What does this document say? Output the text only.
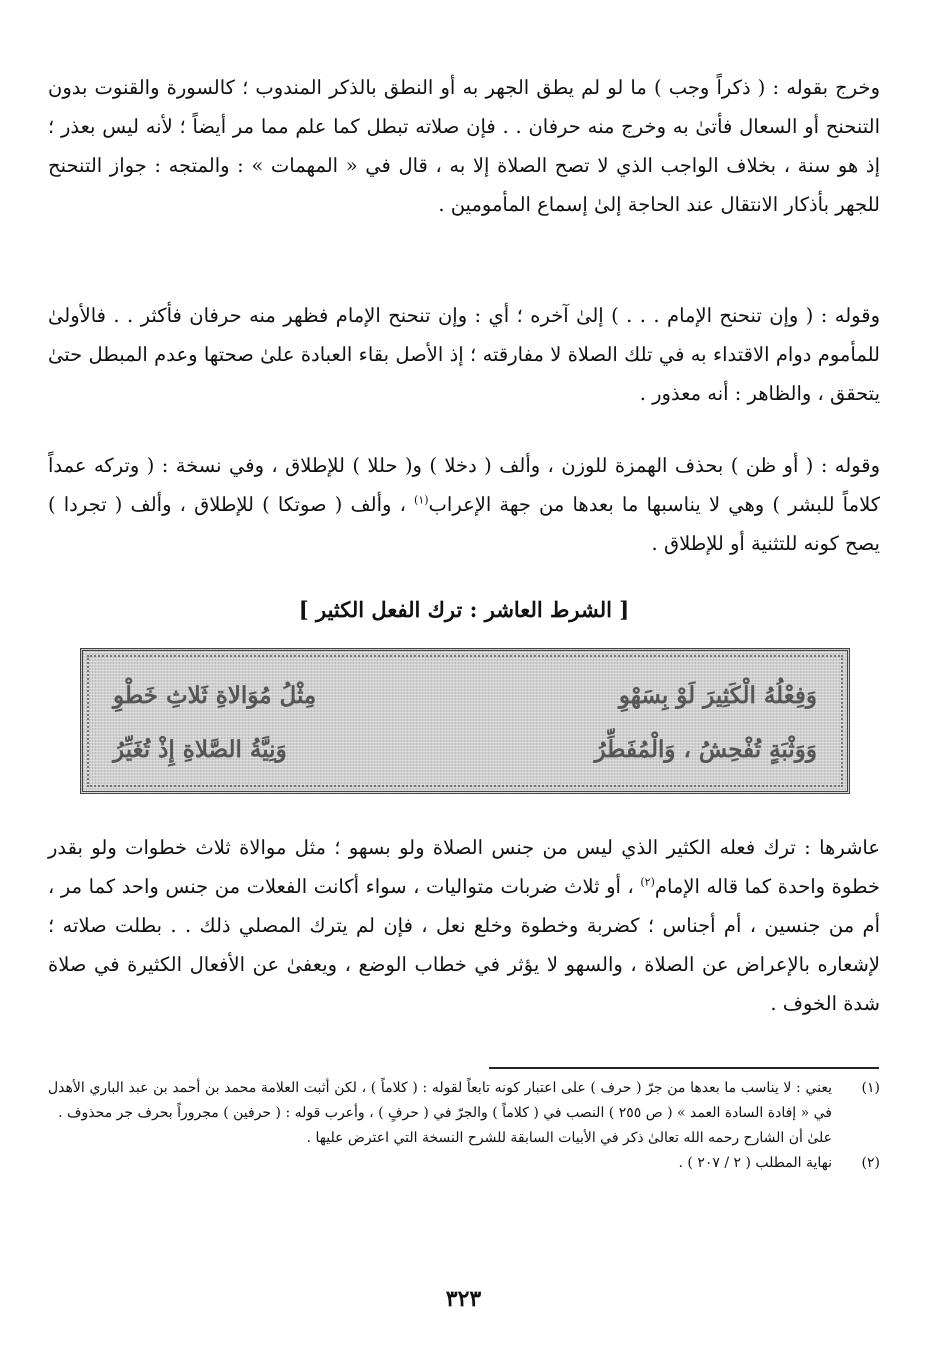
وخرج بقوله : ( ذكراً وجب ) ما لو لم يطق الجهر به أو النطق بالذكر المندوب ؛ كالسورة والقنوت بدون التنحنح أو السعال فأتىٰ به وخرج منه حرفان . . فإن صلاته تبطل كما علم مما مر أيضاً ؛ لأنه ليس بعذر ؛ إذ هو سنة ، بخلاف الواجب الذي لا تصح الصلاة إلا به ، قال في « المهمات » : والمتجه : جواز التنحنح للجهر بأذكار الانتقال عند الحاجة إلىٰ إسماع المأمومين .
وقوله : ( وإن تنحنح الإمام . . . ) إلىٰ آخره ؛ أي : وإن تنحنح الإمام فظهر منه حرفان فأكثر . . فالأولىٰ للمأموم دوام الاقتداء به في تلك الصلاة لا مفارقته ؛ إذ الأصل بقاء العبادة علىٰ صحتها وعدم المبطل حتىٰ يتحقق ، والظاهر : أنه معذور .
وقوله : ( أو ظن ) بحذف الهمزة للوزن ، وألف ( دخلا ) و( حللا ) للإطلاق ، وفي نسخة : ( وتركه عمداً كلاماً للبشر ) وهي لا يناسبها ما بعدها من جهة الإعراب$^{(١)}$ ، وألف ( صوتكا ) للإطلاق ، وألف ( تجردا ) يصح كونه للتثنية أو للإطلاق .
[ الشرط العاشر : ترك الفعل الكثير ]
وَفِعْلُهُ الْكَثِيرَ لَوْ بِسَهْوِ
مِثْلُ مُوَالاةِ ثَلاثِ خَطْوِ
وَوَثْبَةٍ تُفْحِشُ ، وَالْمُفَطِّرُ
وَنِيَّةُ الصَّلاةِ إِذْ تُغَيِّرُ
عاشرها : ترك فعله الكثير الذي ليس من جنس الصلاة ولو بسهو ؛ مثل موالاة ثلاث خطوات ولو بقدر خطوة واحدة كما قاله الإمام$^{(٢)}$ ، أو ثلاث ضربات متواليات ، سواء أكانت الفعلات من جنس واحد كما مر ، أم من جنسين ، أم أجناس ؛ كضربة وخطوة وخلع نعل ، فإن لم يترك المصلي ذلك . . بطلت صلاته ؛ لإشعاره بالإعراض عن الصلاة ، والسهو لا يؤثر في خطاب الوضع ، ويعفىٰ عن الأفعال الكثيرة في صلاة شدة الخوف .
(١)
يعني : لا يناسب ما بعدها من جرّ ( حرف ) على اعتبار كونه تابعاً لقوله : ( كلاماً ) ، لكن أثبت العلامة محمد بن أحمد بن عبد الباري الأهدل في « إفادة السادة العمد » ( ص ٢٥٥ ) النصب في ( كلاماً ) والجرّ في ( حرفٍ ) ، وأعرب قوله : ( حرفين ) مجروراً بحرف جر محذوف .
علىٰ أن الشارح رحمه الله تعالىٰ ذكر في الأبيات السابقة للشرح النسخة التي اعترض عليها .
(٢)
نهاية المطلب ( ٢ / ٢٠٧ ) .
٣٢٣
